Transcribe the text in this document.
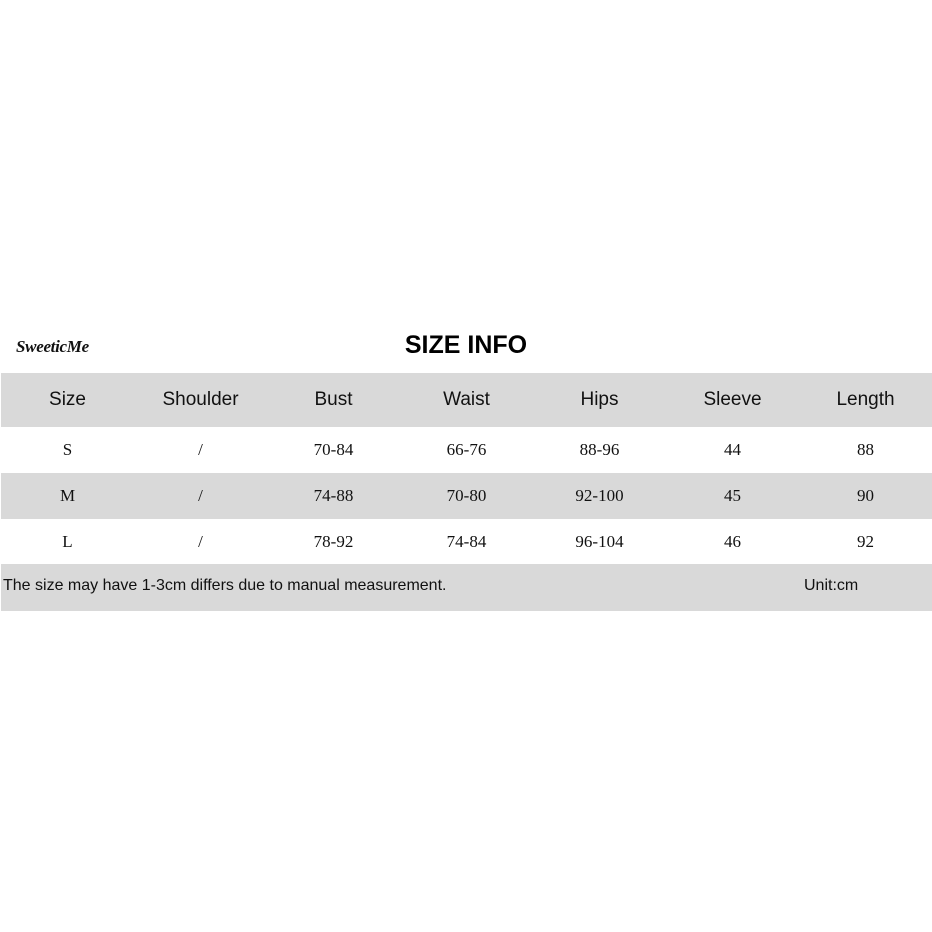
SweeticMe	SIZE INFO
Size	Shoulder	Bust	Waist	Hips	Sleeve	Length
S	/	70-84	66-76	88-96	44	88
M	/	74-88	70-80	92-100	45	90
L	/	78-92	74-84	96-104	46	92
The size may have 1-3cm differs due to manual measurement.	Unit:cm
